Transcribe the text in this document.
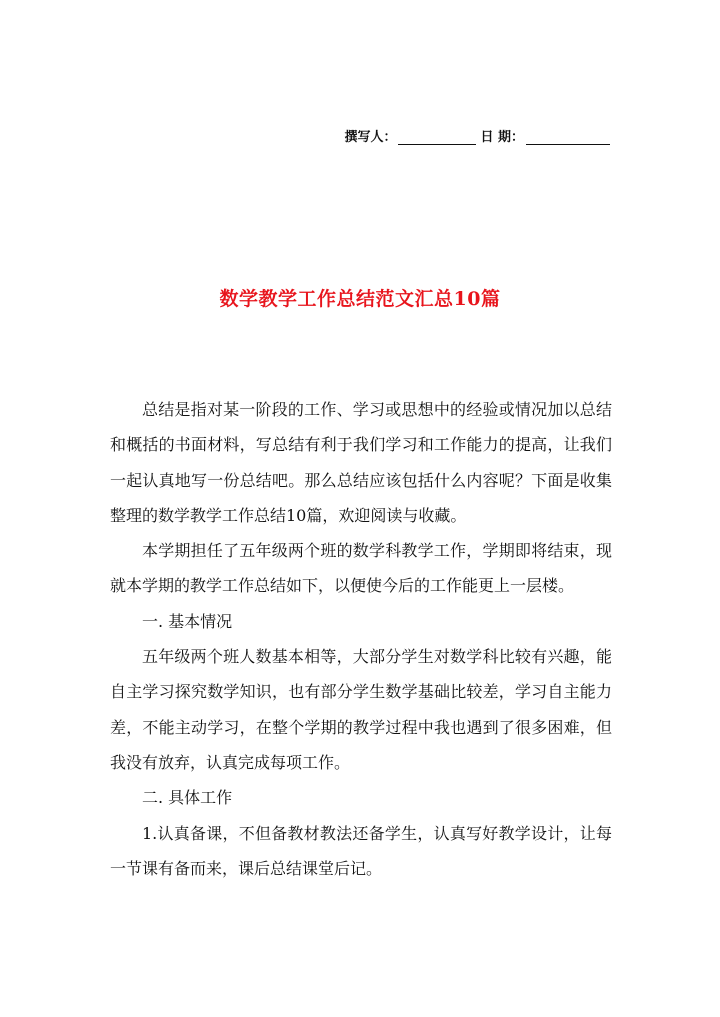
撰写人：	日 期：
数学教学工作总结范文汇总10篇

总结是指对某一阶段的工作、学习或思想中的经验或情况加以总结和概括的书面材料，写总结有利于我们学习和工作能力的提高，让我们一起认真地写一份总结吧。那么总结应该包括什么内容呢？下面是收集整理的数学教学工作总结10篇，欢迎阅读与收藏。

本学期担任了五年级两个班的数学科教学工作，学期即将结束，现就本学期的教学工作总结如下，以便使今后的工作能更上一层楼。

一. 基本情况

五年级两个班人数基本相等，大部分学生对数学科比较有兴趣，能自主学习探究数学知识，也有部分学生数学基础比较差，学习自主能力差，不能主动学习，在整个学期的教学过程中我也遇到了很多困难，但我没有放弃，认真完成每项工作。

二. 具体工作

1.认真备课，不但备教材教法还备学生，认真写好教学设计，让每一节课有备而来，课后总结课堂后记。
